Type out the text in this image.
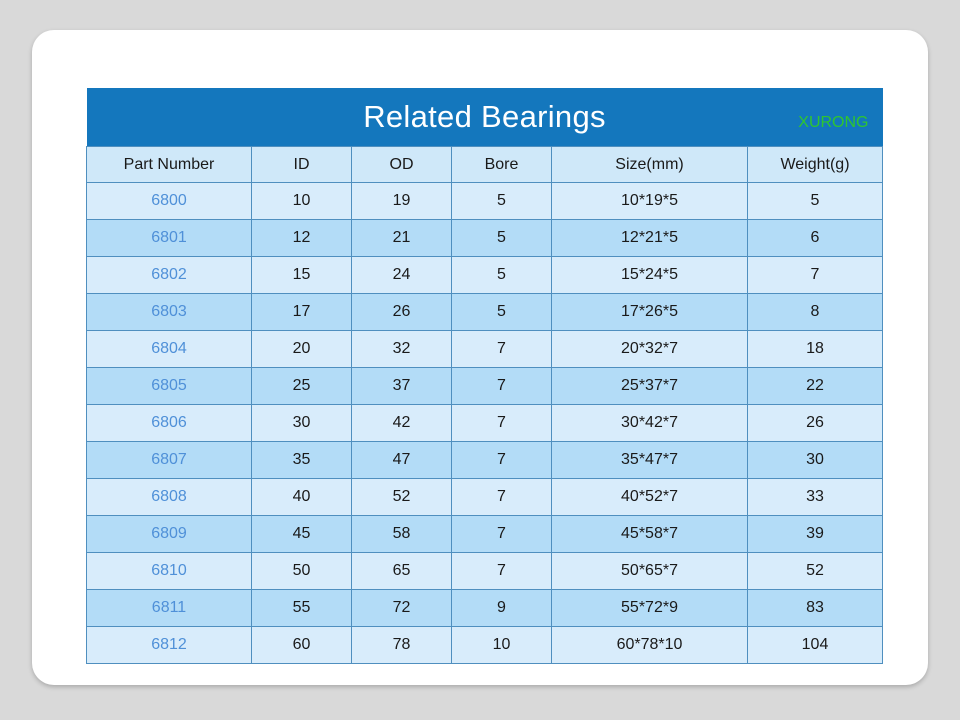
Related Bearings XURONG					

Part Number	ID	OD	Bore	Size(mm)	Weight(g)
6800	10	19	5	10*19*5	5
6801	12	21	5	12*21*5	6
6802	15	24	5	15*24*5	7
6803	17	26	5	17*26*5	8
6804	20	32	7	20*32*7	18
6805	25	37	7	25*37*7	22
6806	30	42	7	30*42*7	26
6807	35	47	7	35*47*7	30
6808	40	52	7	40*52*7	33
6809	45	58	7	45*58*7	39
6810	50	65	7	50*65*7	52
6811	55	72	9	55*72*9	83
6812	60	78	10	60*78*10	104
